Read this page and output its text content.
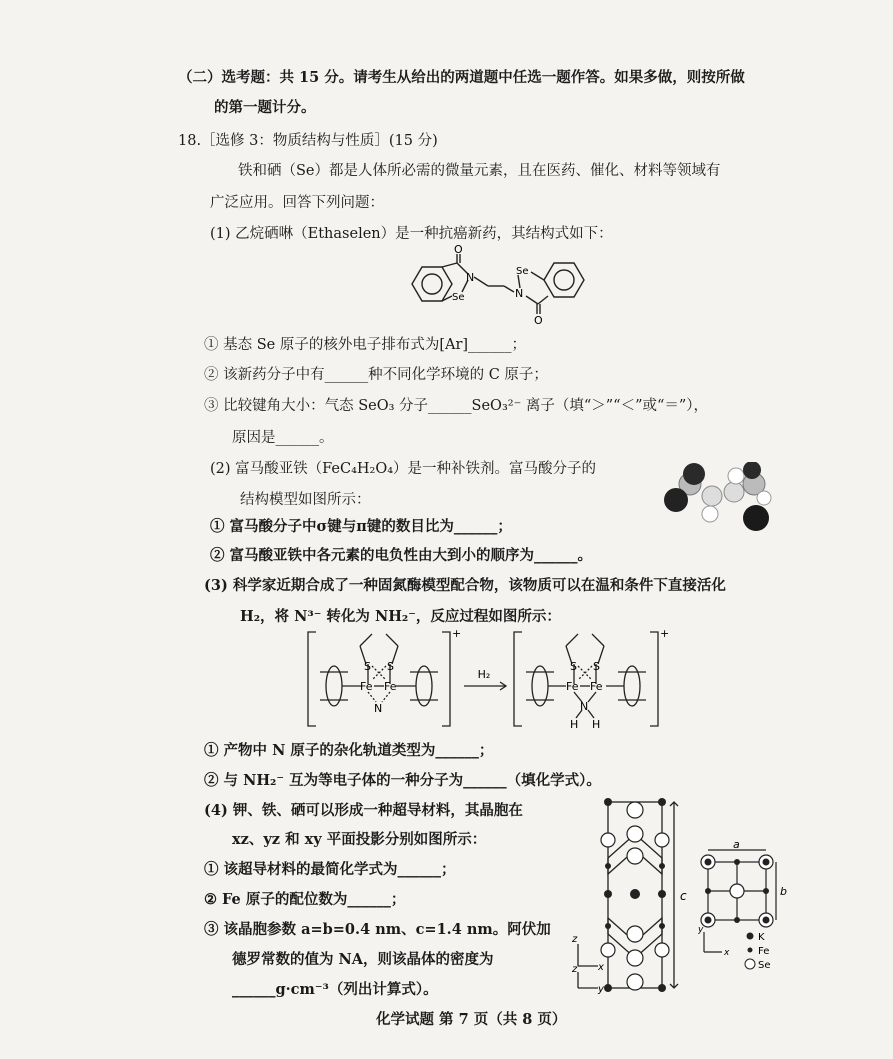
（二）选考题：共 15 分。请考生从给出的两道题中任选一题作答。如果多做，则按所做
的第一题计分。
18.［选修 3：物质结构与性质］(15 分)
铁和硒（Se）都是人体所必需的微量元素，且在医药、催化、材料等领域有
广泛应用。回答下列问题：
(1) 乙烷硒啉（Ethaselen）是一种抗癌新药，其结构式如下：
O
N
Se	N
Se
O
① 基态 Se 原子的核外电子排布式为[Ar]______；
② 该新药分子中有______种不同化学环境的 C 原子；
③ 比较键角大小：气态 SeO₃ 分子______SeO₃²⁻ 离子（填“＞”“＜”或“＝”），
原因是______。
(2) 富马酸亚铁（FeC₄H₂O₄）是一种补铁剂。富马酸分子的
结构模型如图所示：
① 富马酸分子中σ键与π键的数目比为______；
② 富马酸亚铁中各元素的电负性由大到小的顺序为______。
(3) 科学家近期合成了一种固氮酶模型配合物，该物质可以在温和条件下直接活化
H₂，将 N³⁻ 转化为 NH₂⁻，反应过程如图所示：
H₂
+	+
S S
Fe Fe
N
S S
Fe Fe
N
H H
① 产物中 N 原子的杂化轨道类型为______；
② 与 NH₂⁻ 互为等电子体的一种分子为______（填化学式）。
(4) 钾、铁、硒可以形成一种超导材料，其晶胞在
xz、yz 和 xy 平面投影分别如图所示：
① 该超导材料的最简化学式为______；
② Fe 原子的配位数为______；
③ 该晶胞参数 a=b=0.4 nm、c=1.4 nm。阿伏加
德罗常数的值为 NA，则该晶体的密度为
______g·cm⁻³（列出计算式）。
c
z
x
z
y
a
b
y
x
K
Fe
Se
化学试题 第 7 页（共 8 页）
